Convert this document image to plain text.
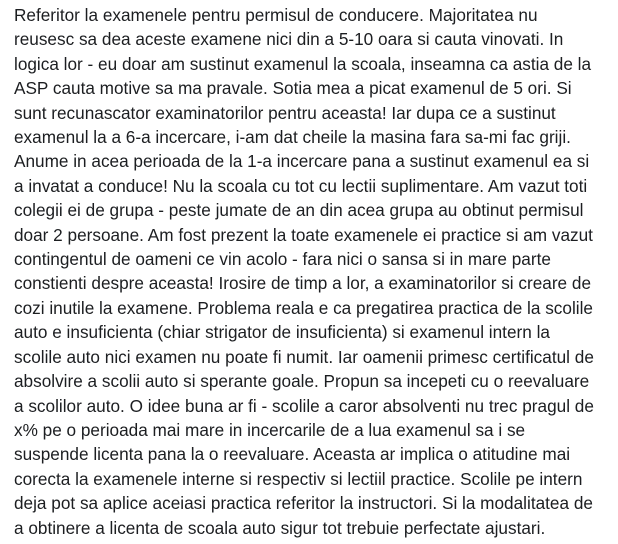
Referitor la examenele pentru permisul de conducere. Majoritatea nu
reusesc sa dea aceste examene nici din a 5-10 oara si cauta vinovati. In
logica lor - eu doar am sustinut examenul la scoala, inseamna ca astia de la
ASP cauta motive sa ma pravale. Sotia mea a picat examenul de 5 ori. Si
sunt recunascator examinatorilor pentru aceasta! Iar dupa ce a sustinut
examenul la a 6-a incercare, i-am dat cheile la masina fara sa-mi fac griji.
Anume in acea perioada de la 1-a incercare pana a sustinut examenul ea si
a invatat a conduce! Nu la scoala cu tot cu lectii suplimentare. Am vazut toti
colegii ei de grupa - peste jumate de an din acea grupa au obtinut permisul
doar 2 persoane. Am fost prezent la toate examenele ei practice si am vazut
contingentul de oameni ce vin acolo - fara nici o sansa si in mare parte
constienti despre aceasta! Irosire de timp a lor, a examinatorilor si creare de
cozi inutile la examene. Problema reala e ca pregatirea practica de la scolile
auto e insuficienta (chiar strigator de insuficienta) si examenul intern la
scolile auto nici examen nu poate fi numit. Iar oamenii primesc certificatul de
absolvire a scolii auto si sperante goale. Propun sa incepeti cu o reevaluare
a scolilor auto. O idee buna ar fi - scolile a caror absolventi nu trec pragul de
x% pe o perioada mai mare in incercarile de a lua examenul sa i se
suspende licenta pana la o reevaluare. Aceasta ar implica o atitudine mai
corecta la examenele interne si respectiv si lectiil practice. Scolile pe intern
deja pot sa aplice aceiasi practica referitor la instructori. Si la modalitatea de
a obtinere a licenta de scoala auto sigur tot trebuie perfectate ajustari.
